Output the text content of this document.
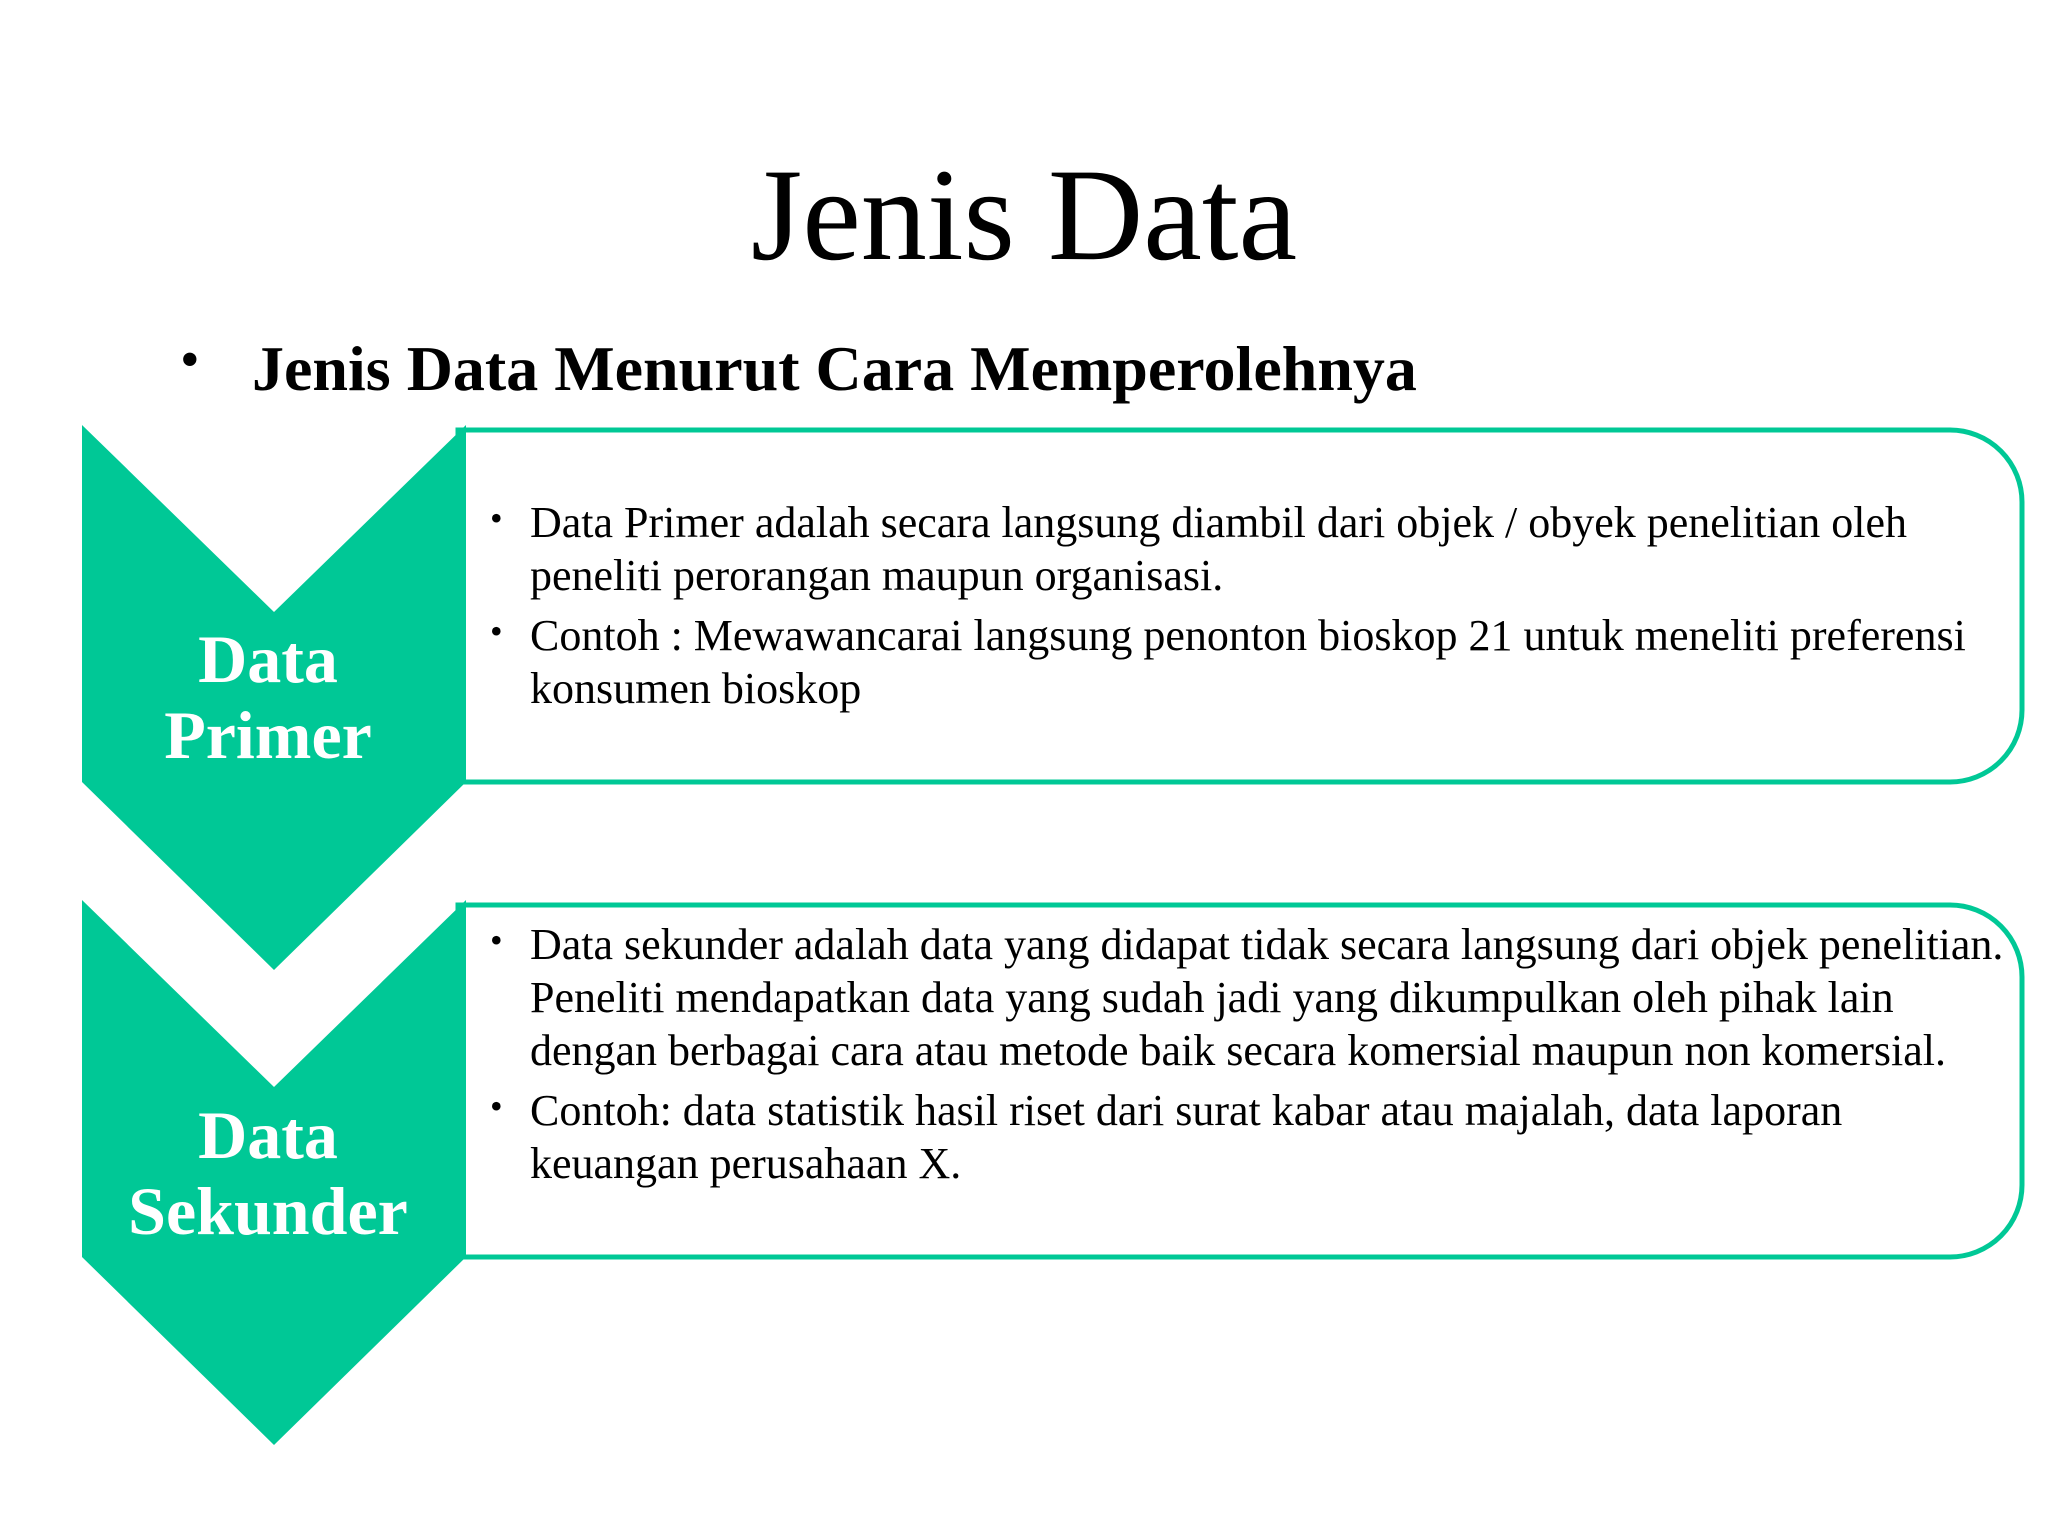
Jenis Data
• Jenis Data Menurut Cara Memperolehnya
Data
Primer
Data
Sekunder
• Data Primer adalah secara langsung diambil dari objek / obyek penelitian oleh peneliti perorangan maupun organisasi.
• Contoh : Mewawancarai langsung penonton bioskop 21 untuk meneliti preferensi konsumen bioskop
• Data sekunder adalah data yang didapat tidak secara langsung dari objek penelitian. Peneliti mendapatkan data yang sudah jadi yang dikumpulkan oleh pihak lain dengan berbagai cara atau metode baik secara komersial maupun non komersial.
• Contoh: data statistik hasil riset dari surat kabar atau majalah, data laporan keuangan perusahaan X.
